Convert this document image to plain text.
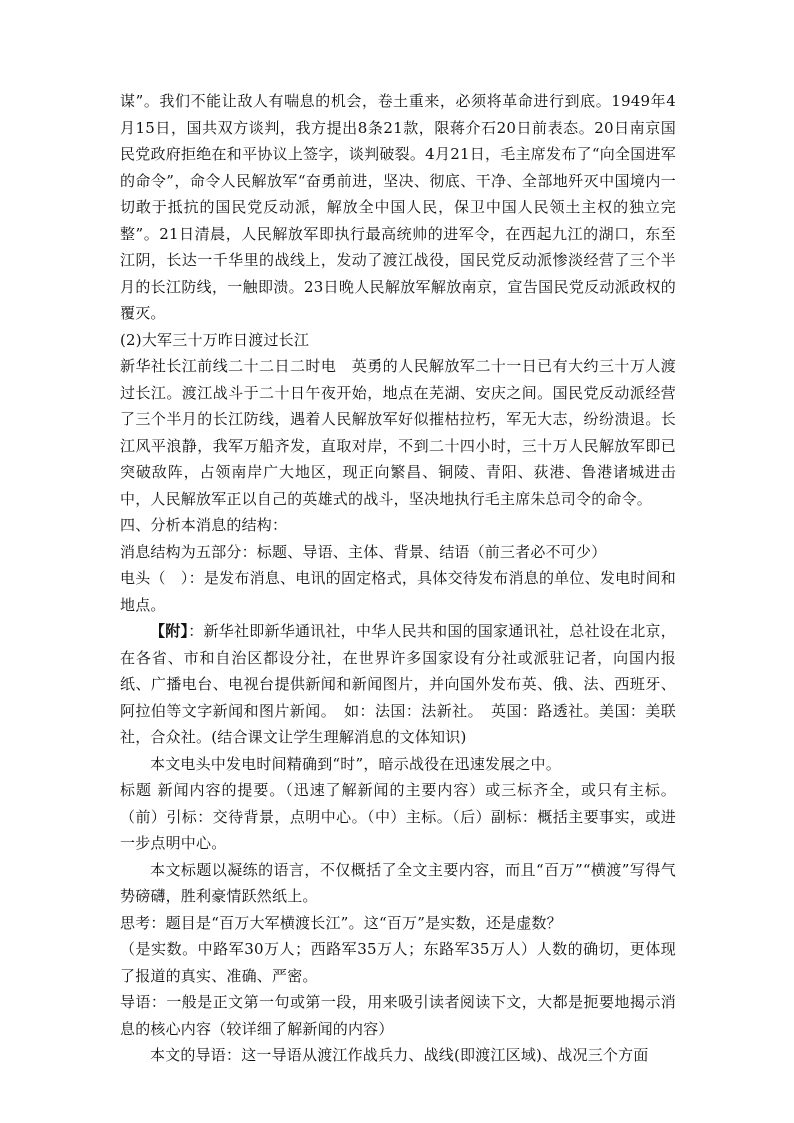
谋”。我们不能让敌人有喘息的机会，卷土重来，必须将革命进行到底。1949年4月15日，国共双方谈判，我方提出8条21款，限蒋介石20日前表态。20日南京国民党政府拒绝在和平协议上签字，谈判破裂。4月21日，毛主席发布了“向全国进军的命令”，命令人民解放军“奋勇前进，坚决、彻底、干净、全部地歼灭中国境内一切敢于抵抗的国民党反动派，解放全中国人民，保卫中国人民领土主权的独立完整”。21日清晨，人民解放军即执行最高统帅的进军令，在西起九江的湖口，东至江阴，长达一千华里的战线上，发动了渡江战役，国民党反动派惨淡经营了三个半月的长江防线，一触即溃。23日晚人民解放军解放南京，宣告国民党反动派政权的覆灭。

(2)大军三十万昨日渡过长江

新华社长江前线二十二日二时电　英勇的人民解放军二十一日已有大约三十万人渡过长江。渡江战斗于二十日午夜开始，地点在芜湖、安庆之间。国民党反动派经营了三个半月的长江防线，遇着人民解放军好似摧枯拉朽，军无大志，纷纷溃退。长江风平浪静，我军万船齐发，直取对岸，不到二十四小时，三十万人民解放军即已突破敌阵，占领南岸广大地区，现正向繁昌、铜陵、青阳、荻港、鲁港诸城进击中，人民解放军正以自己的英雄式的战斗，坚决地执行毛主席朱总司令的命令。

四、分析本消息的结构：

消息结构为五部分：标题、导语、主体、背景、结语（前三者必不可少）

电头（　）：是发布消息、电讯的固定格式，具体交待发布消息的单位、发电时间和地点。

【附】：新华社即新华通讯社，中华人民共和国的国家通讯社，总社设在北京，在各省、市和自治区都设分社，在世界许多国家设有分社或派驻记者，向国内报纸、广播电台、电视台提供新闻和新闻图片，并向国外发布英、俄、法、西班牙、阿拉伯等文字新闻和图片新闻。　如：法国：法新社。　英国：路透社。美国：美联社，合众社。(结合课文让学生理解消息的文体知识)

本文电头中发电时间精确到“时”，暗示战役在迅速发展之中。

标题 新闻内容的提要。（迅速了解新闻的主要内容）或三标齐全，或只有主标。（前）引标：交待背景，点明中心。（中）主标。（后）副标：概括主要事实，或进一步点明中心。

本文标题以凝练的语言，不仅概括了全文主要内容，而且“百万”“横渡”写得气势磅礴，胜利豪情跃然纸上。

思考：题目是“百万大军横渡长江”。这“百万”是实数，还是虚数？

（是实数。中路军30万人；西路军35万人；东路军35万人）人数的确切，更体现了报道的真实、准确、严密。

导语：一般是正文第一句或第一段，用来吸引读者阅读下文，大都是扼要地揭示消息的核心内容（较详细了解新闻的内容）

本文的导语：这一导语从渡江作战兵力、战线(即渡江区域)、战况三个方面
